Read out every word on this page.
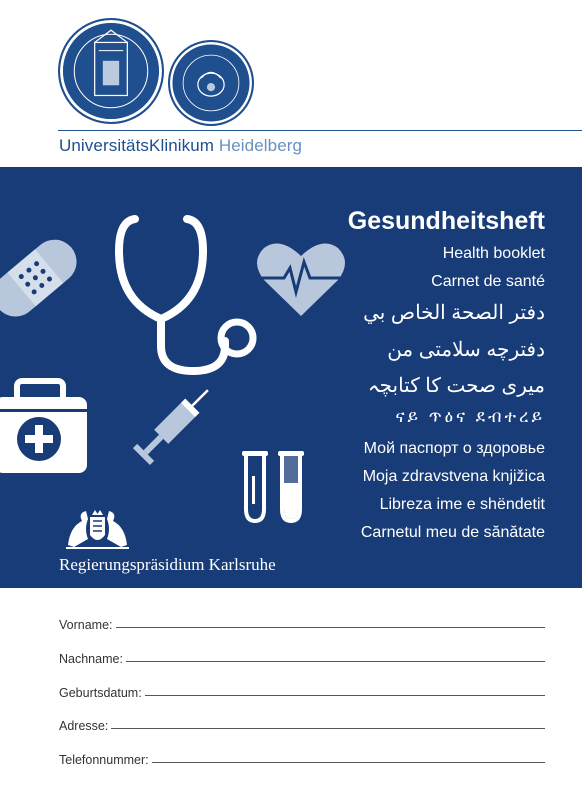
UniversitätsKlinikum Heidelberg
Gesundheitsheft
Health booklet
Carnet de santé
دفتر الصحة الخاص بي
دفترچه سلامتی من
میری صحت کا کتابچہ
ናይ ጥዕና ደብተረይ
Мой паспорт о здоровье
Moja zdravstvena knjižica
Libreza ime e shëndetit
Carnetul meu de sănătate
Regierungspräsidium Karlsruhe
Vorname:
Nachname:
Geburtsdatum:
Adresse:
Telefonnummer:
